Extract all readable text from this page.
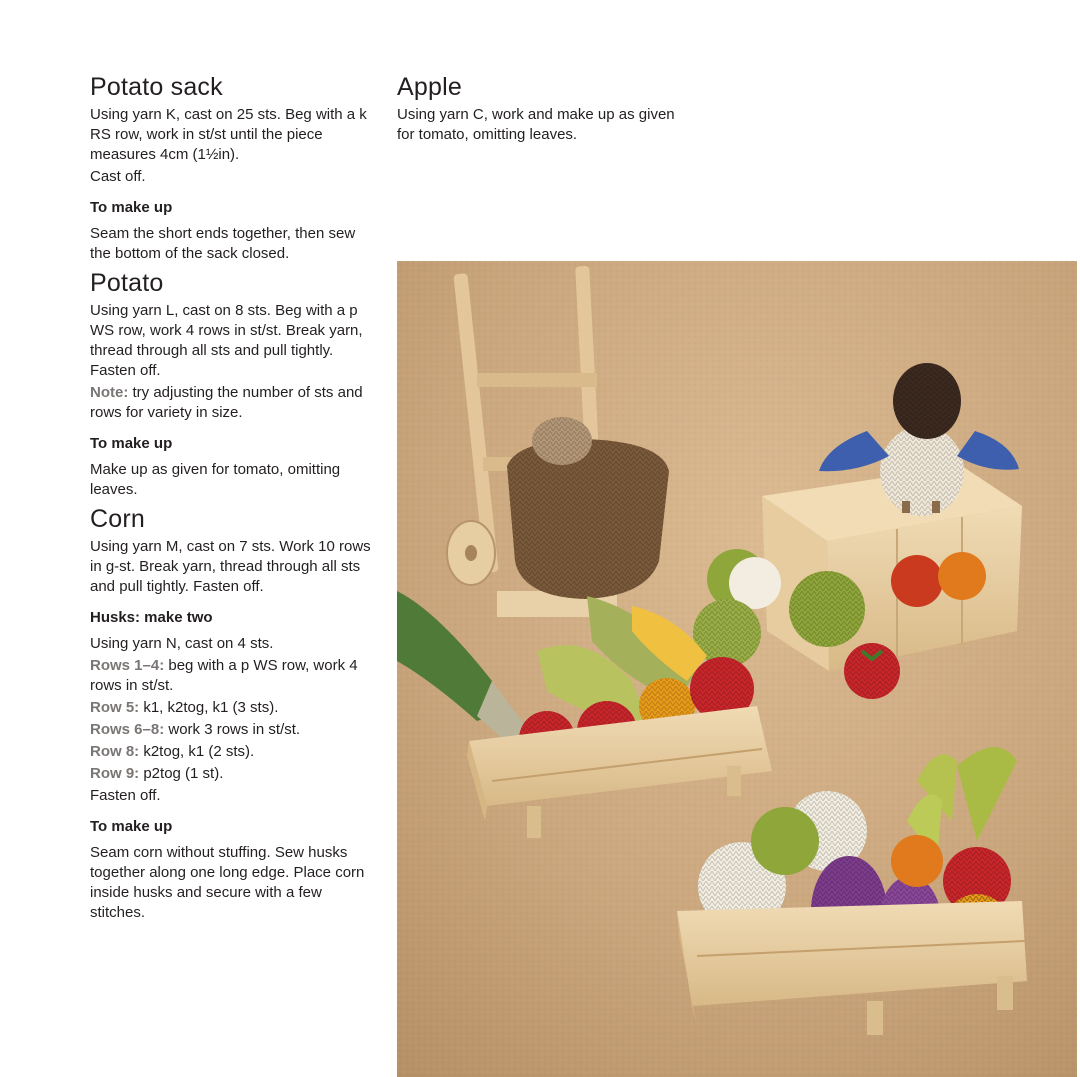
Potato sack

Using yarn K, cast on 25 sts. Beg with a k RS row, work in st/st until the piece measures 4cm (1½in).

Cast off.

To make up

Seam the short ends together, then sew the bottom of the sack closed.

Potato

Using yarn L, cast on 8 sts. Beg with a p WS row, work 4 rows in st/st. Break yarn, thread through all sts and pull tightly. Fasten off.

Note: try adjusting the number of sts and rows for variety in size.

To make up

Make up as given for tomato, omitting leaves.

Corn

Using yarn M, cast on 7 sts. Work 10 rows in g-st. Break yarn, thread through all sts and pull tightly. Fasten off.

Husks: make two

Using yarn N, cast on 4 sts.

Rows 1–4: beg with a p WS row, work 4 rows in st/st.

Row 5: k1, k2tog, k1 (3 sts).

Rows 6–8: work 3 rows in st/st.

Row 8: k2tog, k1 (2 sts).

Row 9: p2tog (1 st).

Fasten off.

To make up

Seam corn without stuffing. Sew husks together along one long edge. Place corn inside husks and secure with a few stitches.

Apple

Using yarn C, work and make up as given for tomato, omitting leaves.
